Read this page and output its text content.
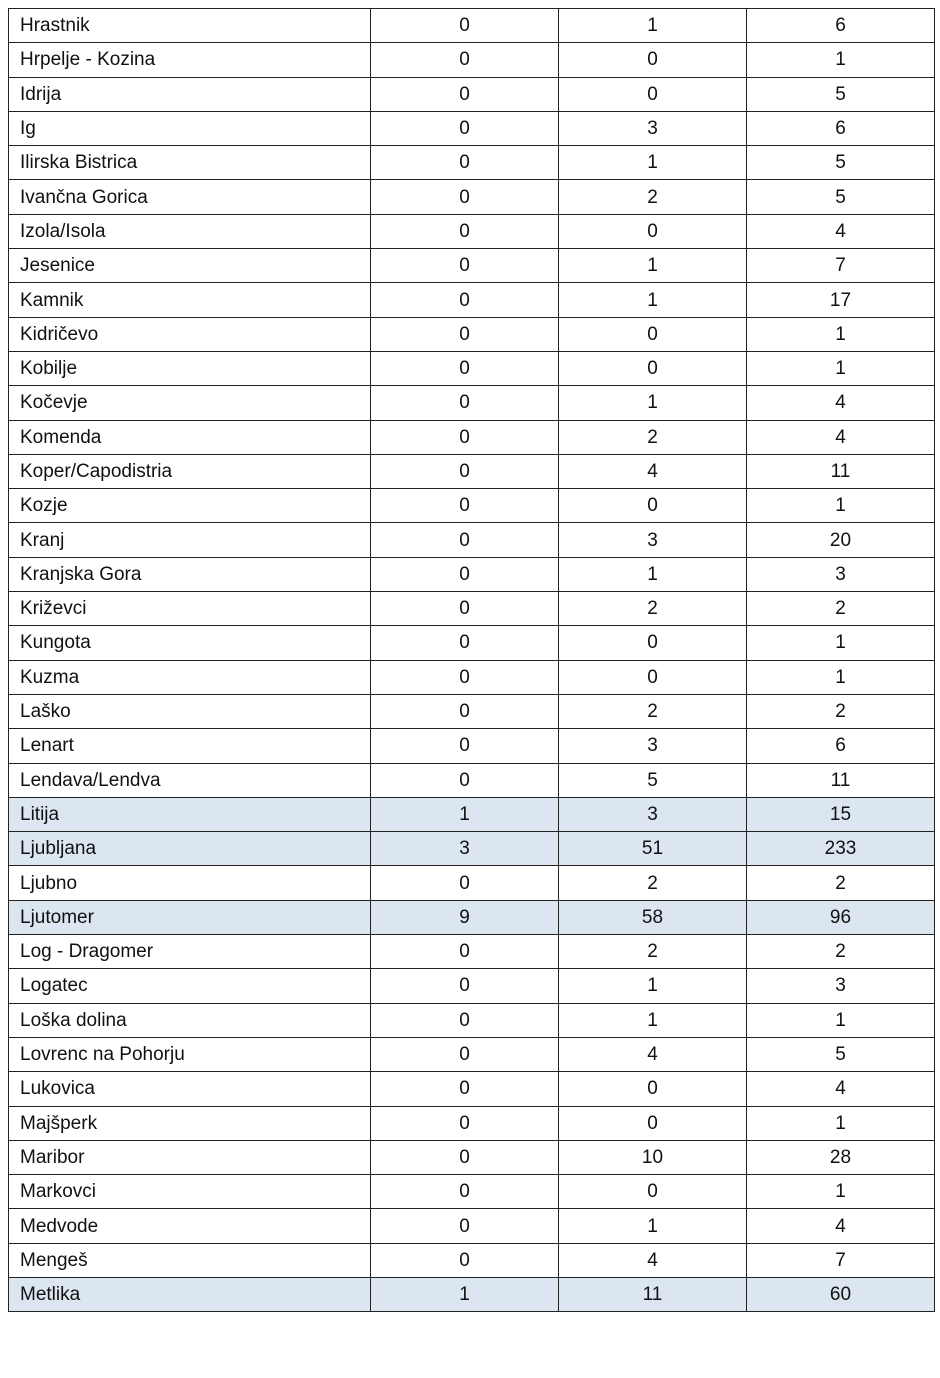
Hrastnik	0	1	6
Hrpelje - Kozina	0	0	1
Idrija	0	0	5
Ig	0	3	6
Ilirska Bistrica	0	1	5
Ivančna Gorica	0	2	5
Izola/Isola	0	0	4
Jesenice	0	1	7
Kamnik	0	1	17
Kidričevo	0	0	1
Kobilje	0	0	1
Kočevje	0	1	4
Komenda	0	2	4
Koper/Capodistria	0	4	11
Kozje	0	0	1
Kranj	0	3	20
Kranjska Gora	0	1	3
Križevci	0	2	2
Kungota	0	0	1
Kuzma	0	0	1
Laško	0	2	2
Lenart	0	3	6
Lendava/Lendva	0	5	11
Litija	1	3	15
Ljubljana	3	51	233
Ljubno	0	2	2
Ljutomer	9	58	96
Log - Dragomer	0	2	2
Logatec	0	1	3
Loška dolina	0	1	1
Lovrenc na Pohorju	0	4	5
Lukovica	0	0	4
Majšperk	0	0	1
Maribor	0	10	28
Markovci	0	0	1
Medvode	0	1	4
Mengeš	0	4	7
Metlika	1	11	60
